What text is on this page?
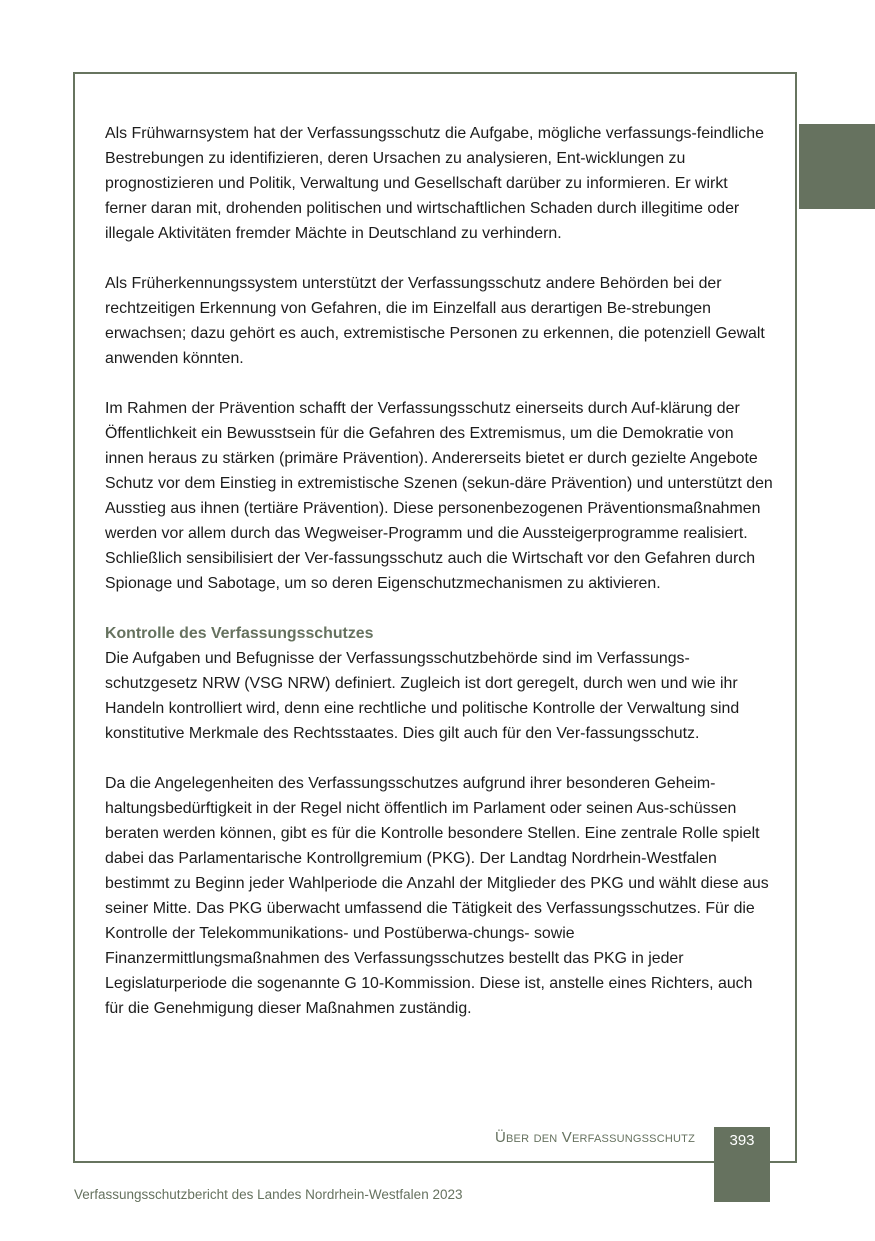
Als Frühwarnsystem hat der Verfassungsschutz die Aufgabe, mögliche verfassungs-feindliche Bestrebungen zu identifizieren, deren Ursachen zu analysieren, Ent-wicklungen zu prognostizieren und Politik, Verwaltung und Gesellschaft darüber zu informieren. Er wirkt ferner daran mit, drohenden politischen und wirtschaftlichen Schaden durch illegitime oder illegale Aktivitäten fremder Mächte in Deutschland zu verhindern.

Als Früherkennungssystem unterstützt der Verfassungsschutz andere Behörden bei der rechtzeitigen Erkennung von Gefahren, die im Einzelfall aus derartigen Be-strebungen erwachsen; dazu gehört es auch, extremistische Personen zu erkennen, die potenziell Gewalt anwenden könnten.

Im Rahmen der Prävention schafft der Verfassungsschutz einerseits durch Auf-klärung der Öffentlichkeit ein Bewusstsein für die Gefahren des Extremismus, um die Demokratie von innen heraus zu stärken (primäre Prävention). Andererseits bietet er durch gezielte Angebote Schutz vor dem Einstieg in extremistische Szenen (sekun-däre Prävention) und unterstützt den Ausstieg aus ihnen (tertiäre Prävention). Diese personenbezogenen Präventionsmaßnahmen werden vor allem durch das Wegweiser-Programm und die Aussteigerprogramme realisiert. Schließlich sensibilisiert der Ver-fassungsschutz auch die Wirtschaft vor den Gefahren durch Spionage und Sabotage, um so deren Eigenschutzmechanismen zu aktivieren.

Kontrolle des Verfassungsschutzes

Die Aufgaben und Befugnisse der Verfassungsschutzbehörde sind im Verfassungs-schutzgesetz NRW (VSG NRW) definiert. Zugleich ist dort geregelt, durch wen und wie ihr Handeln kontrolliert wird, denn eine rechtliche und politische Kontrolle der Verwaltung sind konstitutive Merkmale des Rechtsstaates. Dies gilt auch für den Ver-fassungsschutz.

Da die Angelegenheiten des Verfassungsschutzes aufgrund ihrer besonderen Geheim-haltungsbedürftigkeit in der Regel nicht öffentlich im Parlament oder seinen Aus-schüssen beraten werden können, gibt es für die Kontrolle besondere Stellen. Eine zentrale Rolle spielt dabei das Parlamentarische Kontrollgremium (PKG). Der Landtag Nordrhein-Westfalen bestimmt zu Beginn jeder Wahlperiode die Anzahl der Mitglieder des PKG und wählt diese aus seiner Mitte. Das PKG überwacht umfassend die Tätigkeit des Verfassungsschutzes. Für die Kontrolle der Telekommunikations- und Postüberwa-chungs- sowie Finanzermittlungsmaßnahmen des Verfassungsschutzes bestellt das PKG in jeder Legislaturperiode die sogenannte G 10-Kommission. Diese ist, anstelle eines Richters, auch für die Genehmigung dieser Maßnahmen zuständig.

Über den Verfassungsschutz	393
Verfassungsschutzbericht des Landes Nordrhein-Westfalen 2023
